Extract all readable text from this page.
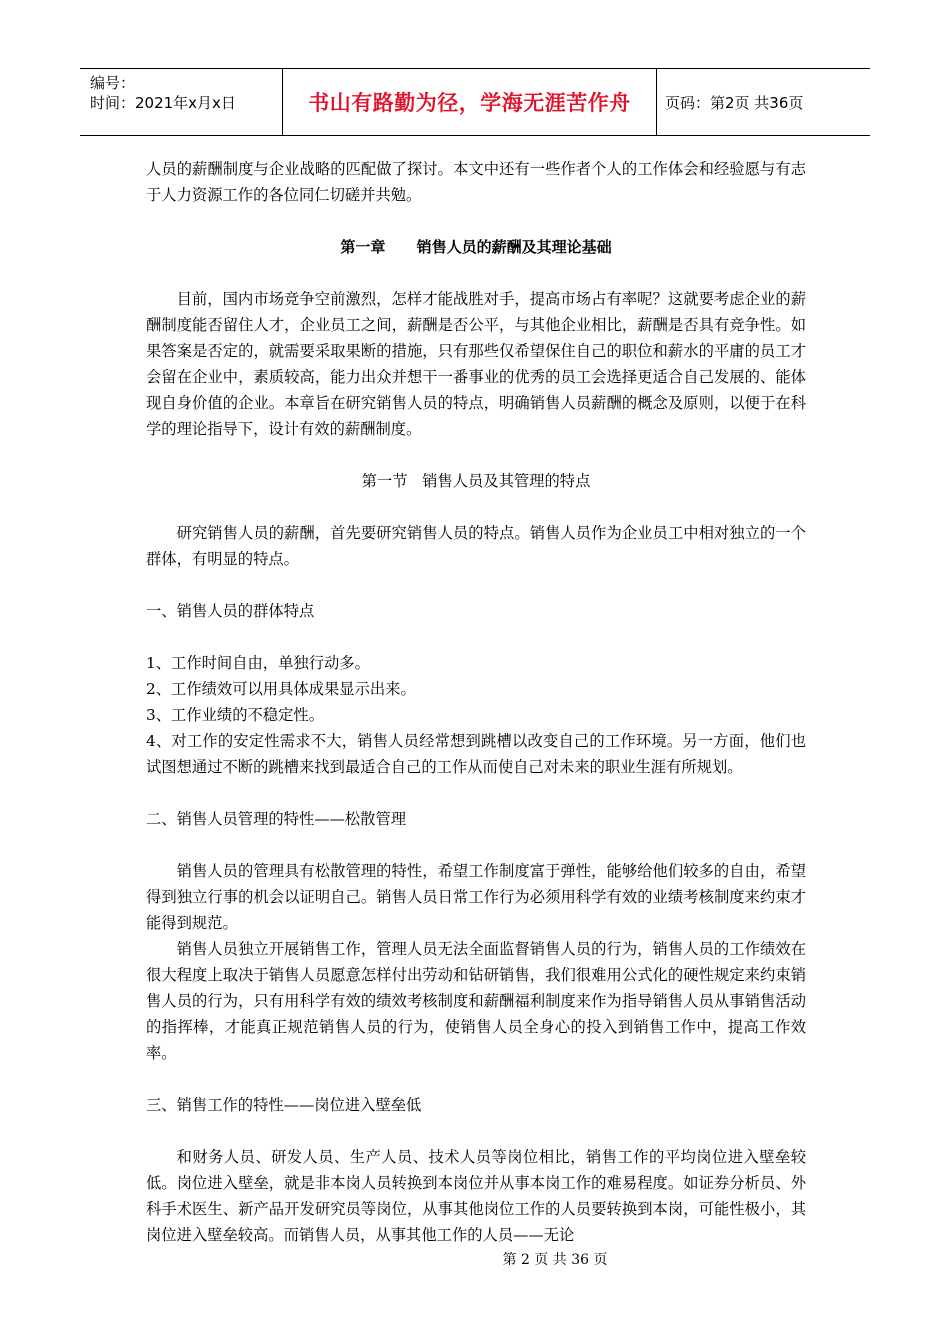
编号：
时间：2021年x月x日	书山有路勤为径，学海无涯苦作舟 页码：第2页 共36页

人员的薪酬制度与企业战略的匹配做了探讨。本文中还有一些作者个人的工作体会和经验愿与有志于人力资源工作的各位同仁切磋并共勉。

第一章      销售人员的薪酬及其理论基础

目前，国内市场竞争空前激烈，怎样才能战胜对手，提高市场占有率呢？这就要考虑企业的薪酬制度能否留住人才，企业员工之间，薪酬是否公平，与其他企业相比，薪酬是否具有竞争性。如果答案是否定的，就需要采取果断的措施，只有那些仅希望保住自己的职位和薪水的平庸的员工才会留在企业中，素质较高，能力出众并想干一番事业的优秀的员工会选择更适合自己发展的、能体现自身价值的企业。本章旨在研究销售人员的特点，明确销售人员薪酬的概念及原则，以便于在科学的理论指导下，设计有效的薪酬制度。

第一节   销售人员及其管理的特点

研究销售人员的薪酬，首先要研究销售人员的特点。销售人员作为企业员工中相对独立的一个群体，有明显的特点。

一、销售人员的群体特点

1、工作时间自由，单独行动多。

2、工作绩效可以用具体成果显示出来。

3、工作业绩的不稳定性。

4、对工作的安定性需求不大，销售人员经常想到跳槽以改变自己的工作环境。另一方面，他们也试图想通过不断的跳槽来找到最适合自己的工作从而使自己对未来的职业生涯有所规划。

二、销售人员管理的特性——松散管理

销售人员的管理具有松散管理的特性，希望工作制度富于弹性，能够给他们较多的自由，希望得到独立行事的机会以证明自己。销售人员日常工作行为必须用科学有效的业绩考核制度来约束才能得到规范。

销售人员独立开展销售工作，管理人员无法全面监督销售人员的行为，销售人员的工作绩效在很大程度上取决于销售人员愿意怎样付出劳动和钻研销售，我们很难用公式化的硬性规定来约束销售人员的行为，只有用科学有效的绩效考核制度和薪酬福利制度来作为指导销售人员从事销售活动的指挥棒，才能真正规范销售人员的行为，使销售人员全身心的投入到销售工作中，提高工作效率。

三、销售工作的特性——岗位进入壁垒低

和财务人员、研发人员、生产人员、技术人员等岗位相比，销售工作的平均岗位进入壁垒较低。岗位进入壁垒，就是非本岗人员转换到本岗位并从事本岗工作的难易程度。如证券分析员、外科手术医生、新产品开发研究员等岗位，从事其他岗位工作的人员要转换到本岗，可能性极小，其岗位进入壁垒较高。而销售人员，从事其他工作的人员——无论

第 2 页 共 36 页
